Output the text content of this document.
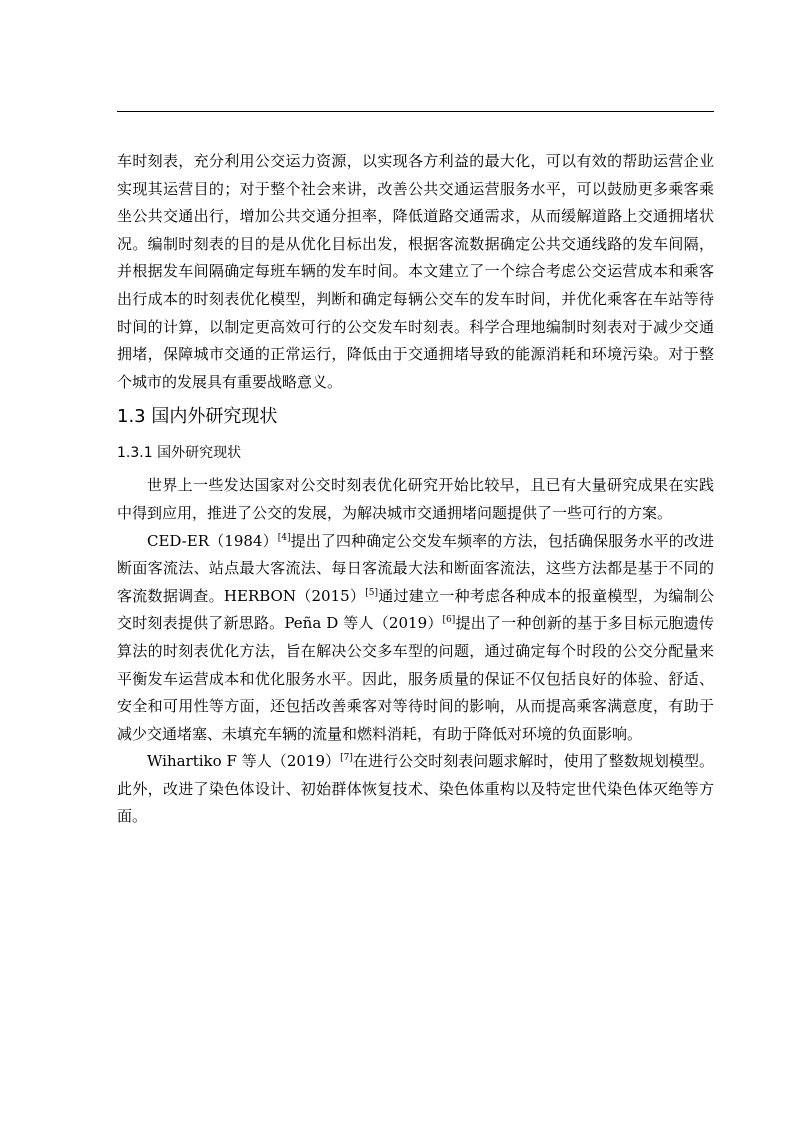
车时刻表，充分利用公交运力资源，以实现各方利益的最大化，可以有效的帮助运营企业实现其运营目的；对于整个社会来讲，改善公共交通运营服务水平，可以鼓励更多乘客乘坐公共交通出行，增加公共交通分担率，降低道路交通需求，从而缓解道路上交通拥堵状况。编制时刻表的目的是从优化目标出发，根据客流数据确定公共交通线路的发车间隔，并根据发车间隔确定每班车辆的发车时间。本文建立了一个综合考虑公交运营成本和乘客出行成本的时刻表优化模型，判断和确定每辆公交车的发车时间，并优化乘客在车站等待时间的计算，以制定更高效可行的公交发车时刻表。科学合理地编制时刻表对于减少交通拥堵，保障城市交通的正常运行，降低由于交通拥堵导致的能源消耗和环境污染。对于整个城市的发展具有重要战略意义。

1.3 国内外研究现状
1.3.1 国外研究现状

世界上一些发达国家对公交时刻表优化研究开始比较早，且已有大量研究成果在实践中得到应用，推进了公交的发展，为解决城市交通拥堵问题提供了一些可行的方案。

CED-ER（1984）[4]提出了四种确定公交发车频率的方法，包括确保服务水平的改进断面客流法、站点最大客流法、每日客流最大法和断面客流法，这些方法都是基于不同的客流数据调查。HERBON（2015）[5]通过建立一种考虑各种成本的报童模型，为编制公交时刻表提供了新思路。Peña D 等人（2019）[6]提出了一种创新的基于多目标元胞遗传算法的时刻表优化方法，旨在解决公交多车型的问题，通过确定每个时段的公交分配量来平衡发车运营成本和优化服务水平。因此，服务质量的保证不仅包括良好的体验、舒适、安全和可用性等方面，还包括改善乘客对等待时间的影响，从而提高乘客满意度，有助于减少交通堵塞、未填充车辆的流量和燃料消耗，有助于降低对环境的负面影响。

Wihartiko F 等人（2019）[7]在进行公交时刻表问题求解时，使用了整数规划模型。此外，改进了染色体设计、初始群体恢复技术、染色体重构以及特定世代染色体灭绝等方面。
